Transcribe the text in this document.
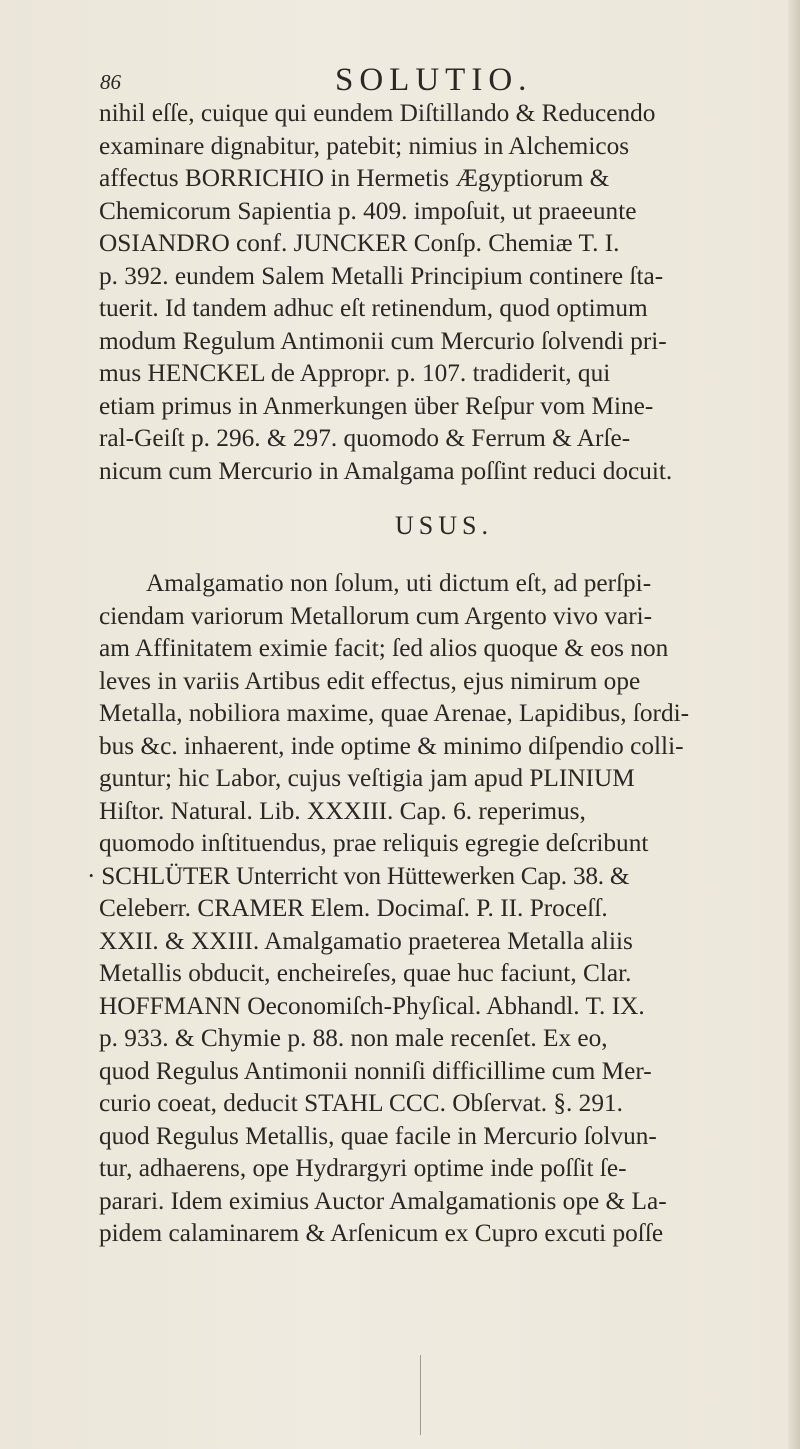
86	SOLUTIO.
nihil eſſe, cuique qui eundem Diſtillando & Reducendo
examinare dignabitur, patebit; nimius in Alchemicos
affectus BORRICHIO in Hermetis Ægyptiorum &
Chemicorum Sapientia p. 409. impoſuit, ut praeeunte
OSIANDRO conf. JUNCKER Conſp. Chemiæ T. I.
p. 392. eundem Salem Metalli Principium continere ſta-
tuerit. Id tandem adhuc eſt retinendum, quod optimum
modum Regulum Antimonii cum Mercurio ſolvendi pri-
mus HENCKEL de Appropr. p. 107. tradiderit, qui
etiam primus in Anmerkungen über Reſpur vom Mine-
ral-Geiſt p. 296. & 297. quomodo & Ferrum & Arſe-
nicum cum Mercurio in Amalgama poſſint reduci docuit.
USUS.
Amalgamatio non ſolum, uti dictum eſt, ad perſpi-
ciendam variorum Metallorum cum Argento vivo vari-
am Affinitatem eximie facit; ſed alios quoque & eos non
leves in variis Artibus edit effectus, ejus nimirum ope
Metalla, nobiliora maxime, quae Arenae, Lapidibus, ſordi-
bus &c. inhaerent, inde optime & minimo diſpendio colli-
guntur; hic Labor, cujus veſtigia jam apud PLINIUM
Hiſtor. Natural. Lib. XXXIII. Cap. 6. reperimus,
quomodo inſtituendus, prae reliquis egregie deſcribunt
· SCHLÜTER Unterricht von Hüttewerken Cap. 38. &
Celeberr. CRAMER Elem. Docimaſ. P. II. Proceſſ.
XXII. & XXIII. Amalgamatio praeterea Metalla aliis
Metallis obducit, encheireſes, quae huc faciunt, Clar.
HOFFMANN Oeconomiſch-Phyſical. Abhandl. T. IX.
p. 933. & Chymie p. 88. non male recenſet. Ex eo,
quod Regulus Antimonii nonniſi difficillime cum Mer-
curio coeat, deducit STAHL CCC. Obſervat. §. 291.
quod Regulus Metallis, quae facile in Mercurio ſolvun-
tur, adhaerens, ope Hydrargyri optime inde poſſit ſe-
parari. Idem eximius Auctor Amalgamationis ope & La-
pidem calaminarem & Arſenicum ex Cupro excuti poſſe
